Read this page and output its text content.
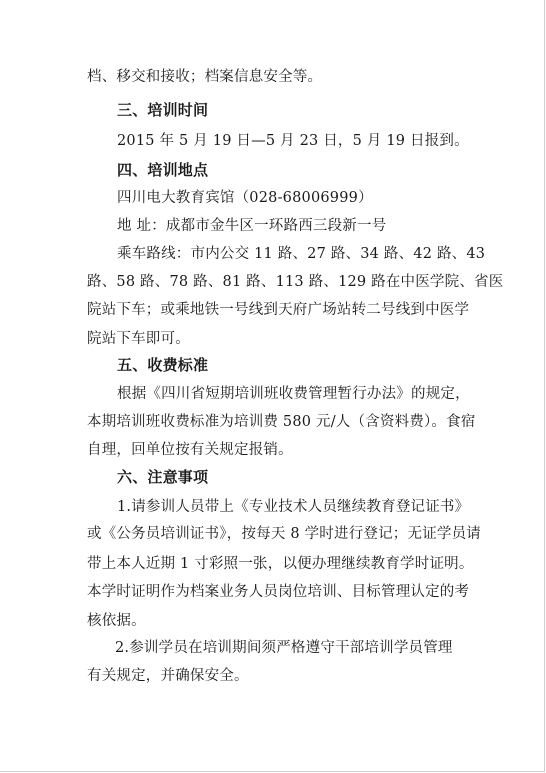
档、移交和接收；档案信息安全等。
三、培训时间
2015 年 5 月 19 日—5 月 23 日，5 月 19 日报到。
四、培训地点
四川电大教育宾馆（028-68006999）
地 址：成都市金牛区一环路西三段新一号
乘车路线：市内公交 11 路、27 路、34 路、42 路、43
路、58 路、78 路、81 路、113 路、129 路在中医学院、省医
院站下车；或乘地铁一号线到天府广场站转二号线到中医学
院站下车即可。
五、收费标准
根据《四川省短期培训班收费管理暂行办法》的规定，
本期培训班收费标准为培训费 580 元/人（含资料费）。食宿
自理，回单位按有关规定报销。
六、注意事项
1.请参训人员带上《专业技术人员继续教育登记证书》
或《公务员培训证书》，按每天 8 学时进行登记；无证学员请
带上本人近期 1 寸彩照一张，以便办理继续教育学时证明。
本学时证明作为档案业务人员岗位培训、目标管理认定的考
核依据。
2.参训学员在培训期间须严格遵守干部培训学员管理
有关规定，并确保安全。
